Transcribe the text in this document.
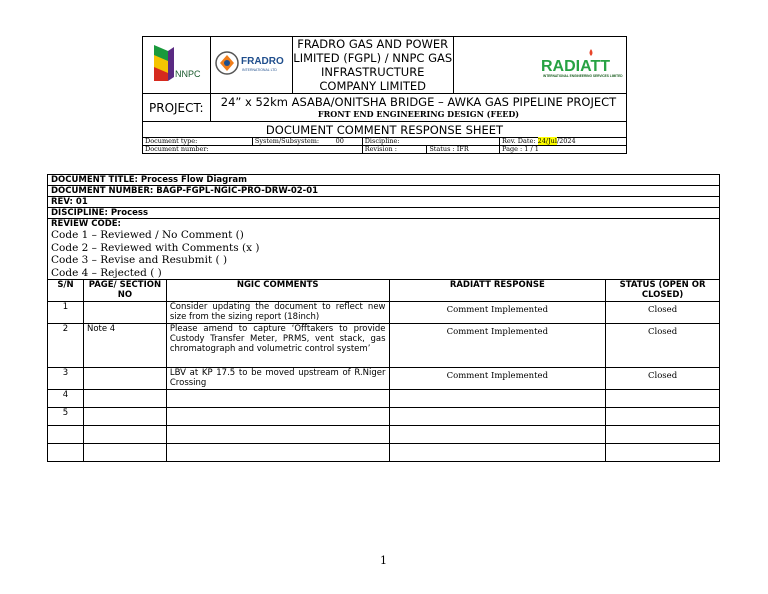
NNPC

FRADRO
INTERNATIONAL LTD
	FRADRO GAS AND POWER LIMITED (FGPL) / NNPC GAS INFRASTRUCTURE COMPANY LIMITED	
RADIATT
INTERNATIONAL ENGINEERING SERVICES LIMITED

PROJECT:	24” x 52km ASABA/ONITSHA BRIDGE – AWKA GAS PIPELINE PROJECT
FRONT END ENGINEERING DESIGN (FEED)

DOCUMENT COMMENT RESPONSE SHEET

Document type:	System/Subsystem:	00	Discipline:	Rev. Date: 24/Jul/2024
Document number:	Revision :	Status : IFR	Page : 1 / 1
DOCUMENT TITLE: Process Flow Diagram				
DOCUMENT NUMBER: BAGP-FGPL-NGIC-PRO-DRW-02-01				
REV: 01				
DISCIPLINE: Process				

REVIEW CODE:
Code 1 – Reviewed / No Comment ()
Code 2 – Reviewed with Comments (x )
Code 3 – Revise and Resubmit ( )
Code 4 – Rejected ( )				

S/N	PAGE/ SECTION NO	NGIC COMMENTS	RADIATT RESPONSE	STATUS (OPEN OR CLOSED)
1		Consider updating the document to reflect new size from the sizing report (18inch)	Comment Implemented	Closed
2	Note 4	Please amend to capture ‘Offtakers to provide Custody Transfer Meter, PRMS, vent stack, gas chromatograph and volumetric control system’	Comment Implemented	Closed
3		LBV at KP 17.5 to be moved upstream of R.Niger Crossing	Comment Implemented	Closed
4				
5				

1
